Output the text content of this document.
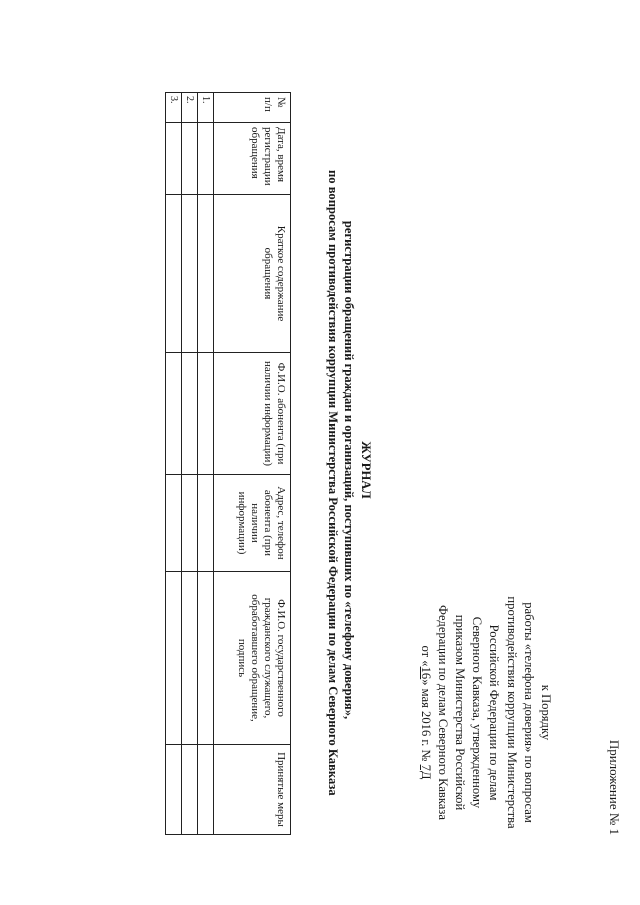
Приложение № 1
к Порядку
работы «телефона доверия» по вопросам
противодействия коррупции Министерства
Российской Федерации по делам
Северного Кавказа, утвержденному
приказом Министерства Российской
Федерации по делам Северного Кавказа
от «16» мая 2016 г. № 7Д
ЖУРНАЛ
регистрации обращений граждан и организаций, поступивших по «телефону доверия»,
по вопросам противодействия коррупции Министерства Российской Федерации по делам Северного Кавказа
№ п/п	Дата, время регистрации обращения	Краткое содержание обращения	Ф.И.О. абонента (при наличии информации)	Адрес, телефон абонента (при наличии информации)	Ф.И.О. государственного гражданского служащего, обработавшего обращение, подпись	Принятые меры
1.						
2.						
3.						
